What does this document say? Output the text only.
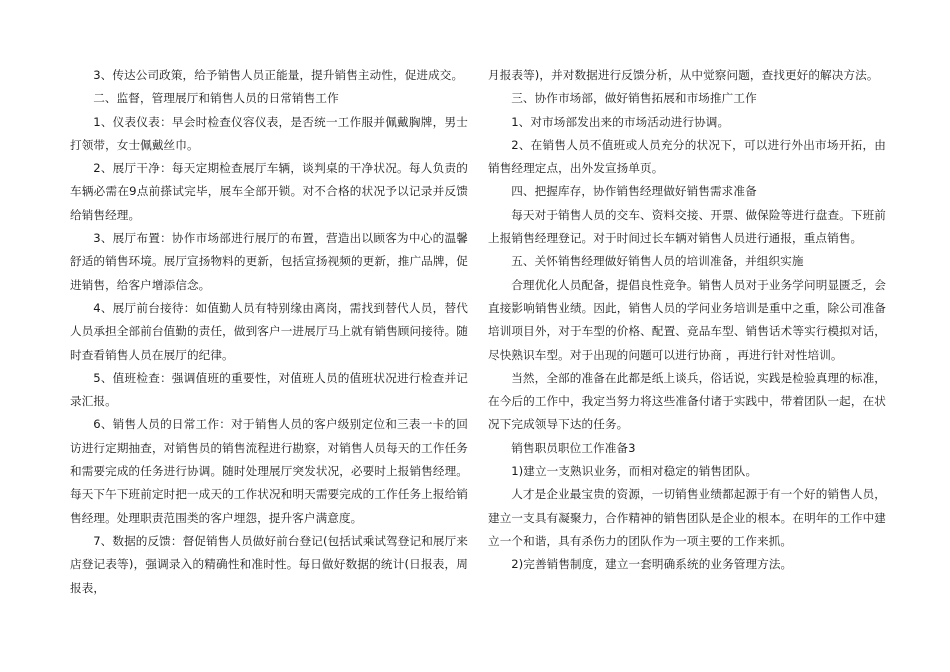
3、传达公司政策，给予销售人员正能量，提升销售主动性，促进成交。

二、监督，管理展厅和销售人员的日常销售工作

1、仪表仪表：早会时检查仪容仪表，是否统一工作服并佩戴胸牌，男士打领带，女士佩戴丝巾。

2、展厅干净：每天定期检查展厅车辆，谈判桌的干净状况。每人负责的车辆必需在9点前搽试完毕，展车全部开锁。对不合格的状况予以记录并反馈给销售经理。

3、展厅布置：协作市场部进行展厅的布置，营造出以顾客为中心的温馨舒适的销售环境。展厅宣扬物料的更新，包括宣扬视频的更新，推广品牌，促进销售，给客户增添信念。

4、展厅前台接待：如值勤人员有特别缘由离岗，需找到替代人员，替代人员承担全部前台值勤的责任，做到客户一进展厅马上就有销售顾问接待。随时查看销售人员在展厅的纪律。

5、值班检查：强调值班的重要性，对值班人员的值班状况进行检查并记录汇报。

6、销售人员的日常工作：对于销售人员的客户级别定位和三表一卡的回访进行定期抽查，对销售员的销售流程进行勘察，对销售人员每天的工作任务和需要完成的任务进行协调。随时处理展厅突发状况，必要时上报销售经理。每天下午下班前定时把一成天的工作状况和明天需要完成的工作任务上报给销售经理。处理职责范围类的客户埋怨，提升客户满意度。

7、数据的反馈：督促销售人员做好前台登记(包括试乘试驾登记和展厅来店登记表等)，强调录入的精确性和准时性。每日做好数据的统计(日报表，周报表，

月报表等)，并对数据进行反馈分析，从中觉察问题，查找更好的解决方法。

三、协作市场部，做好销售拓展和市场推广工作

1、对市场部发出来的市场活动进行协调。

2、在销售人员不值班或人员充分的状况下，可以进行外出市场开拓，由销售经理定点，出外发宣扬单页。

四、把握库存，协作销售经理做好销售需求准备

每天对于销售人员的交车、资料交接、开票、做保险等进行盘查。下班前上报销售经理登记。对于时间过长车辆对销售人员进行通报，重点销售。

五、关怀销售经理做好销售人员的培训准备，并组织实施

合理优化人员配备，提倡良性竞争。销售人员对于业务学问明显匮乏，会直接影响销售业绩。因此，销售人员的学问业务培训是重中之重，除公司准备培训项目外，对于车型的价格、配置、竞品车型、销售话术等实行模拟对话，尽快熟识车型。对于出现的问题可以进行协商 ，再进行针对性培训。

当然，全部的准备在此都是纸上谈兵，俗话说，实践是检验真理的标准，在今后的工作中，我定当努力将这些准备付诸于实践中，带着团队一起，在状况下完成领导下达的任务。

销售职员职位工作准备3

1)建立一支熟识业务，而相对稳定的销售团队。

人才是企业最宝贵的资源，一切销售业绩都起源于有一个好的销售人员，建立一支具有凝聚力，合作精神的销售团队是企业的根本。在明年的工作中建立一个和谐，具有杀伤力的团队作为一项主要的工作来抓。

2)完善销售制度，建立一套明确系统的业务管理方法。
